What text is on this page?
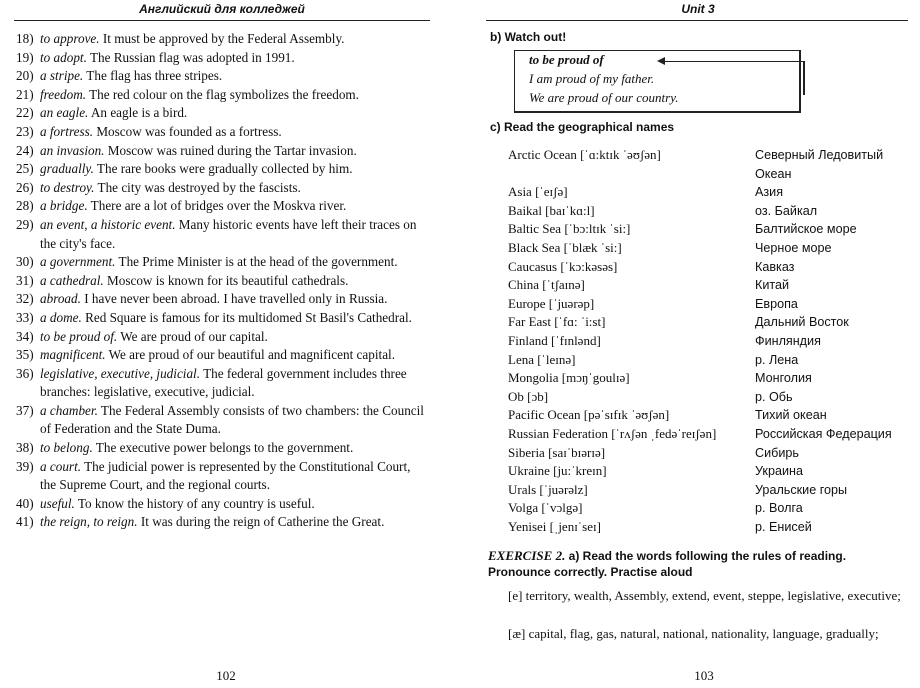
Английский для колледжей
18) to approve. It must be approved by the Federal Assembly.
19) to adopt. The Russian flag was adopted in 1991.
20) a stripe. The flag has three stripes.
21) freedom. The red colour on the flag symbolizes the freedom.
22) an eagle. An eagle is a bird.
23) a fortress. Moscow was founded as a fortress.
24) an invasion. Moscow was ruined during the Tartar invasion.
25) gradually. The rare books were gradually collected by him.
26) to destroy. The city was destroyed by the fascists.
28) a bridge. There are a lot of bridges over the Moskva river.
29) an event, a historic event. Many historic events have left their traces on the city's face.
30) a government. The Prime Minister is at the head of the government.
31) a cathedral. Moscow is known for its beautiful cathedrals.
32) abroad. I have never been abroad. I have travelled only in Russia.
33) a dome. Red Square is famous for its multidomed St Basil's Cathedral.
34) to be proud of. We are proud of our capital.
35) magnificent. We are proud of our beautiful and magnificent capital.
36) legislative, executive, judicial. The federal government includes three branches: legislative, executive, judicial.
37) a chamber. The Federal Assembly consists of two chambers: the Council of Federation and the State Duma.
38) to belong. The executive power belongs to the government.
39) a court. The judicial power is represented by the Constitutional Court, the Supreme Court, and the regional courts.
40) useful. To know the history of any country is useful.
41) the reign, to reign. It was during the reign of Catherine the Great.
102
Unit 3
b) Watch out!
to be proud of
I am proud of my father.
We are proud of our country.
c) Read the geographical names
Arctic Ocean [ˈɑ:ktɪk ˈəʊʃən]	Северный Ледовитый
Океан
Asia [ˈeɪʃə]	Азия
Baikal [baɪˈkɑ:l]	оз. Байкал
Baltic Sea [ˈbɔ:ltɪk ˈsi:]	Балтийское море
Black Sea [ˈblæk ˈsi:]	Черное море
Caucasus [ˈkɔ:kəsəs]	Кавказ
China [ˈtʃaɪnə]	Китай
Europe [ˈjuərəp]	Европа
Far East [ˈfɑ: ˈi:st]	Дальний Восток
Finland [ˈfɪnlənd]	Финляндия
Lena [ˈleɪnə]	р. Лена
Mongolia [mɔŋˈgoulɪə]	Монголия
Ob [ɔb]	р. Обь
Pacific Ocean [pəˈsɪfɪk ˈəʊʃən]	Тихий океан
Russian Federation [ˈrʌʃən ˌfedəˈreɪʃən]	Российская Федерация
Siberia [saɪˈbɪərɪə]	Сибирь
Ukraine [ju:ˈkreɪn]	Украина
Urals [ˈjuərəlz]	Уральские горы
Volga [ˈvɔlgə]	р. Волга
Yenisei [ˌjenɪˈseɪ]	р. Енисей
EXERCISE 2. a) Read the words following the rules of reading. Pronounce correctly. Practise aloud
[e] territory, wealth, Assembly, extend, event, steppe, legislative, executive;
[æ] capital, flag, gas, natural, national, nationality, language, gradually;
103
